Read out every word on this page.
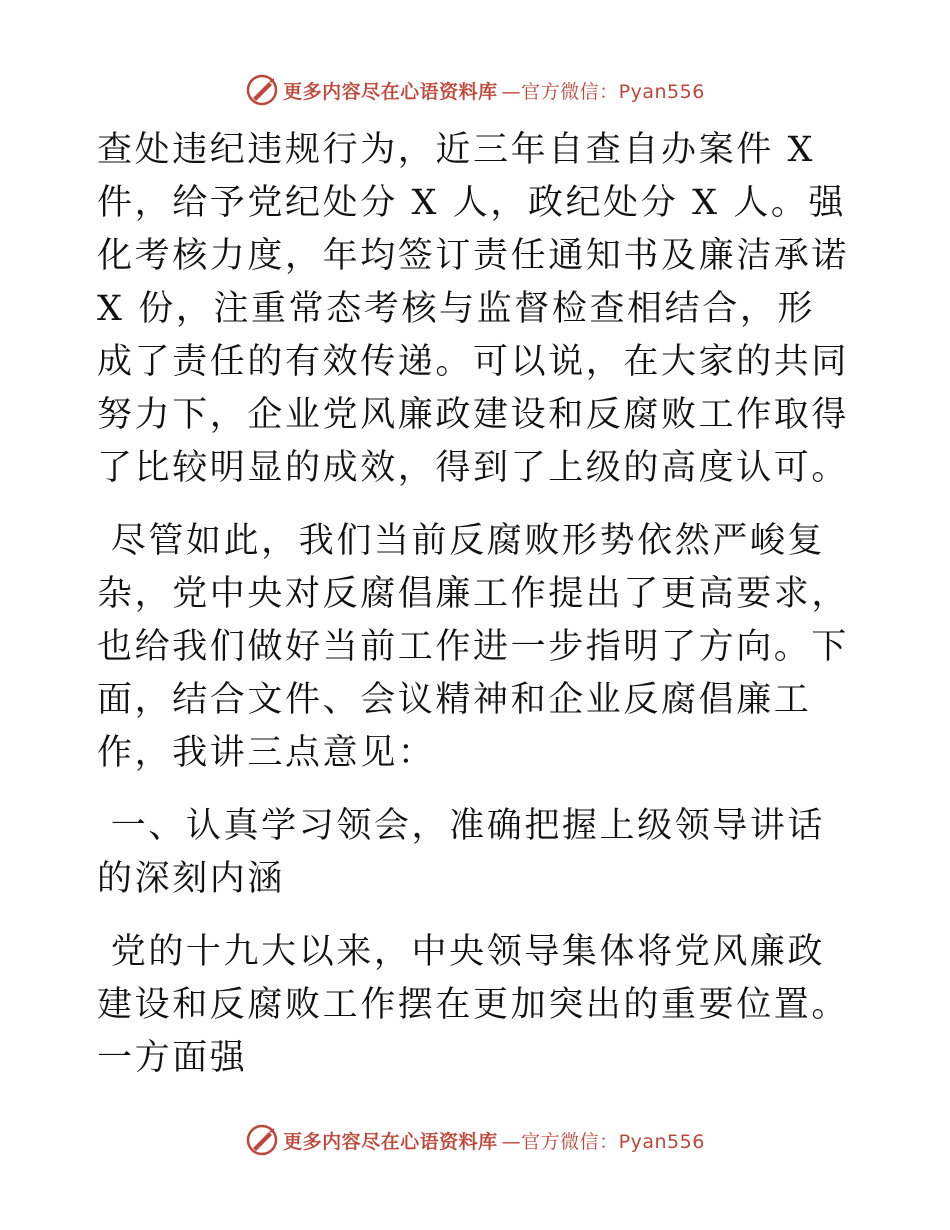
更多内容尽在心语资料库 —官方微信：Pyan556

查处违纪违规行为，近三年自查自办案件 X 件，给予党纪处分 X 人，政纪处分 X 人。强化考核力度，年均签订责任通知书及廉洁承诺 X 份，注重常态考核与监督检查相结合，形成了责任的有效传递。可以说，在大家的共同努力下，企业党风廉政建设和反腐败工作取得了比较明显的成效，得到了上级的高度认可。

尽管如此，我们当前反腐败形势依然严峻复杂，党中央对反腐倡廉工作提出了更高要求，也给我们做好当前工作进一步指明了方向。下面，结合文件、会议精神和企业反腐倡廉工作，我讲三点意见：

一、认真学习领会，准确把握上级领导讲话的深刻内涵

党的十九大以来，中央领导集体将党风廉政建设和反腐败工作摆在更加突出的重要位置。一方面强

更多内容尽在心语资料库 —官方微信：Pyan556
